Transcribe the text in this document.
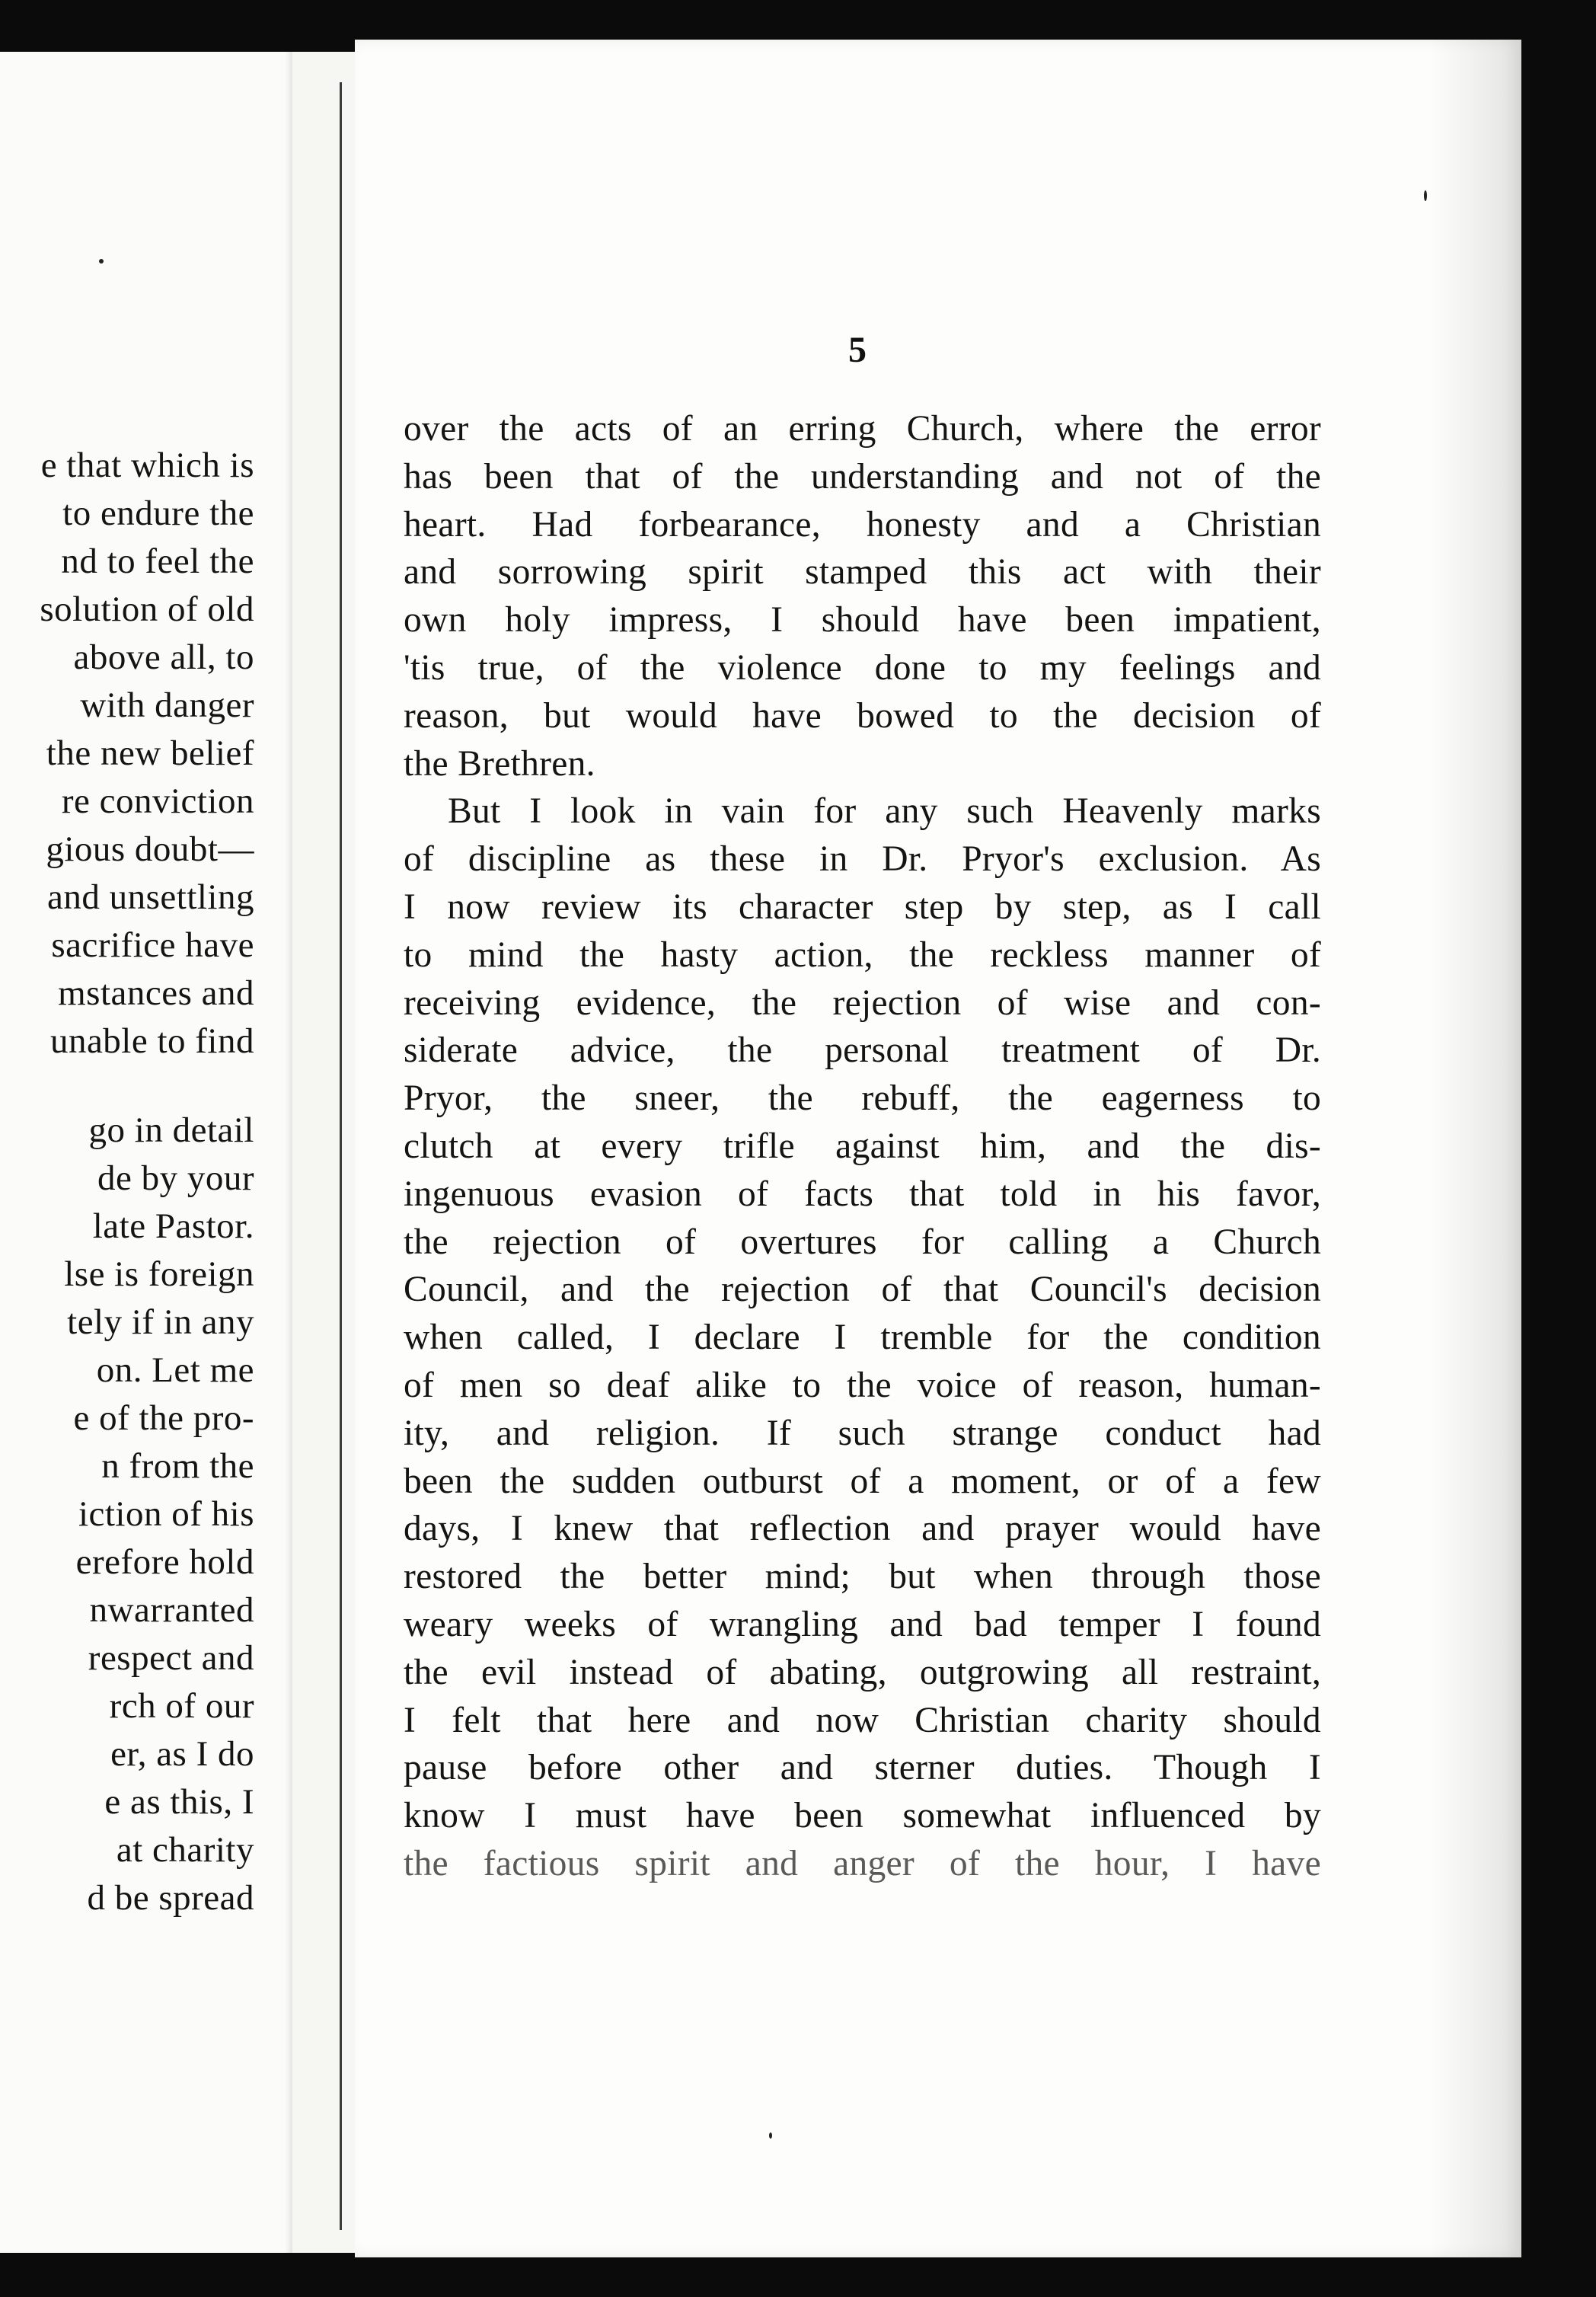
e that which is
to endure the
nd to feel the
solution of old
above all, to
with danger
the new belief
re conviction
gious doubt—
and unsettling
sacrifice have
mstances and
unable to find
go in detail
de by your
late Pastor.
lse is foreign
tely if in any
on. Let me
e of the pro-
n from the
iction of his
erefore hold
nwarranted
respect and
rch of our
er, as I do
e as this, I
at charity
d be spread
5
over the acts of an erring Church, where the error
has been that of the understanding and not of the
heart. Had forbearance, honesty and a Christian
and sorrowing spirit stamped this act with their
own holy impress, I should have been impatient,
'tis true, of the violence done to my feelings and
reason, but would have bowed to the decision of
the Brethren.
But I look in vain for any such Heavenly marks
of discipline as these in Dr. Pryor's exclusion. As
I now review its character step by step, as I call
to mind the hasty action, the reckless manner of
receiving evidence, the rejection of wise and con-
siderate advice, the personal treatment of Dr.
Pryor, the sneer, the rebuff, the eagerness to
clutch at every trifle against him, and the dis-
ingenuous evasion of facts that told in his favor,
the rejection of overtures for calling a Church
Council, and the rejection of that Council's decision
when called, I declare I tremble for the condition
of men so deaf alike to the voice of reason, human-
ity, and religion. If such strange conduct had
been the sudden outburst of a moment, or of a few
days, I knew that reflection and prayer would have
restored the better mind; but when through those
weary weeks of wrangling and bad temper I found
the evil instead of abating, outgrowing all restraint,
I felt that here and now Christian charity should
pause before other and sterner duties. Though I
know I must have been somewhat influenced by
the factious spirit and anger of the hour, I have
